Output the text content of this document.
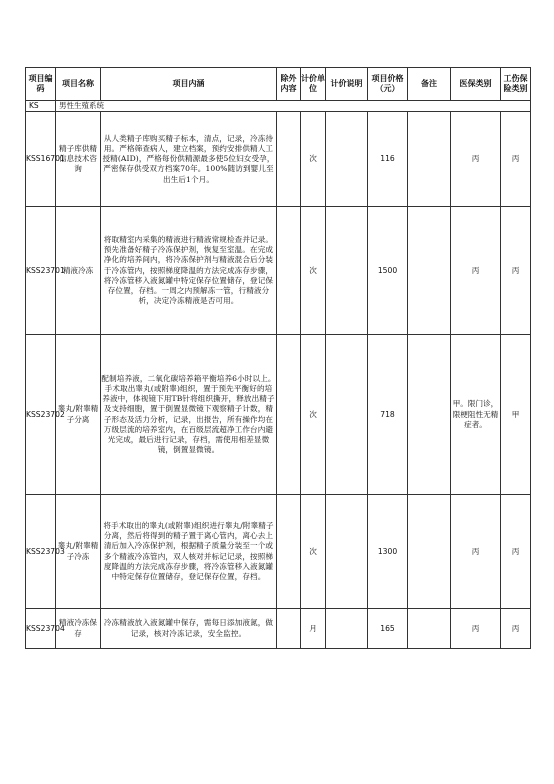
项目编码	项目名称	项目内涵	除外内容	计价单位	计价说明	项目价格（元）	备注	医保类别	工伤保险类别
KS	男性生殖系统								
KSS16701	精子库供精信息技术咨询	从人类精子库购买精子标本，清点，记录，冷冻待用。严格筛查病人，建立档案，预约安排供精人工授精(AID)，严格每份供精源最多使5位妇女受孕，严密保存供受双方档案70年。100%随访到婴儿至出生后1个月。		次		116		丙	丙
KSS23701	精液冷冻	将取精室内采集的精液进行精液常规检查并记录。预先准备好精子冷冻保护剂，恢复至室温。在完成净化的培养间内，将冷冻保护剂与精液混合后分装于冷冻管内，按照梯度降温的方法完成冻存步骤，将冷冻管移入液氮罐中特定保存位置储存，登记保存位置，存档。一周之内预解冻一管，行精液分析，决定冷冻精液是否可用。		次		1500		丙	丙
KSS23702	睾丸/附睾精子分离	配制培养液，二氧化碳培养箱平衡培养6小时以上。手术取出睾丸(或附睾)组织，置于预先平衡好的培养液中，体视镜下用TB针将组织撕开，释放出精子及支持细胞，置于倒置显微镜下观察精子计数，精子形态及活力分析，记录，出报告，所有操作均在万级层流的培养室内，在百级层流超净工作台内避光完成，最后进行记录，存档，需使用相差显微镜，倒置显微镜。		次		718		甲。限门诊，限梗阻性无精症者。	甲
KSS23703	睾丸/附睾精子冷冻	将手术取出的睾丸(或附睾)组织进行睾丸/附睾精子分离，然后将得到的精子置于离心管内，离心去上清后加入冷冻保护剂，根据精子质量分装至一个或多个精液冷冻管内，双人核对并标记记录，按照梯度降温的方法完成冻存步骤，将冷冻管移入液氮罐中特定保存位置储存，登记保存位置，存档。		次		1300		丙	丙
KSS23704	精液冷冻保存	冷冻精液放入液氮罐中保存，需每日添加液氮，做记录，核对冷冻记录，安全监控。		月		165		丙	丙
